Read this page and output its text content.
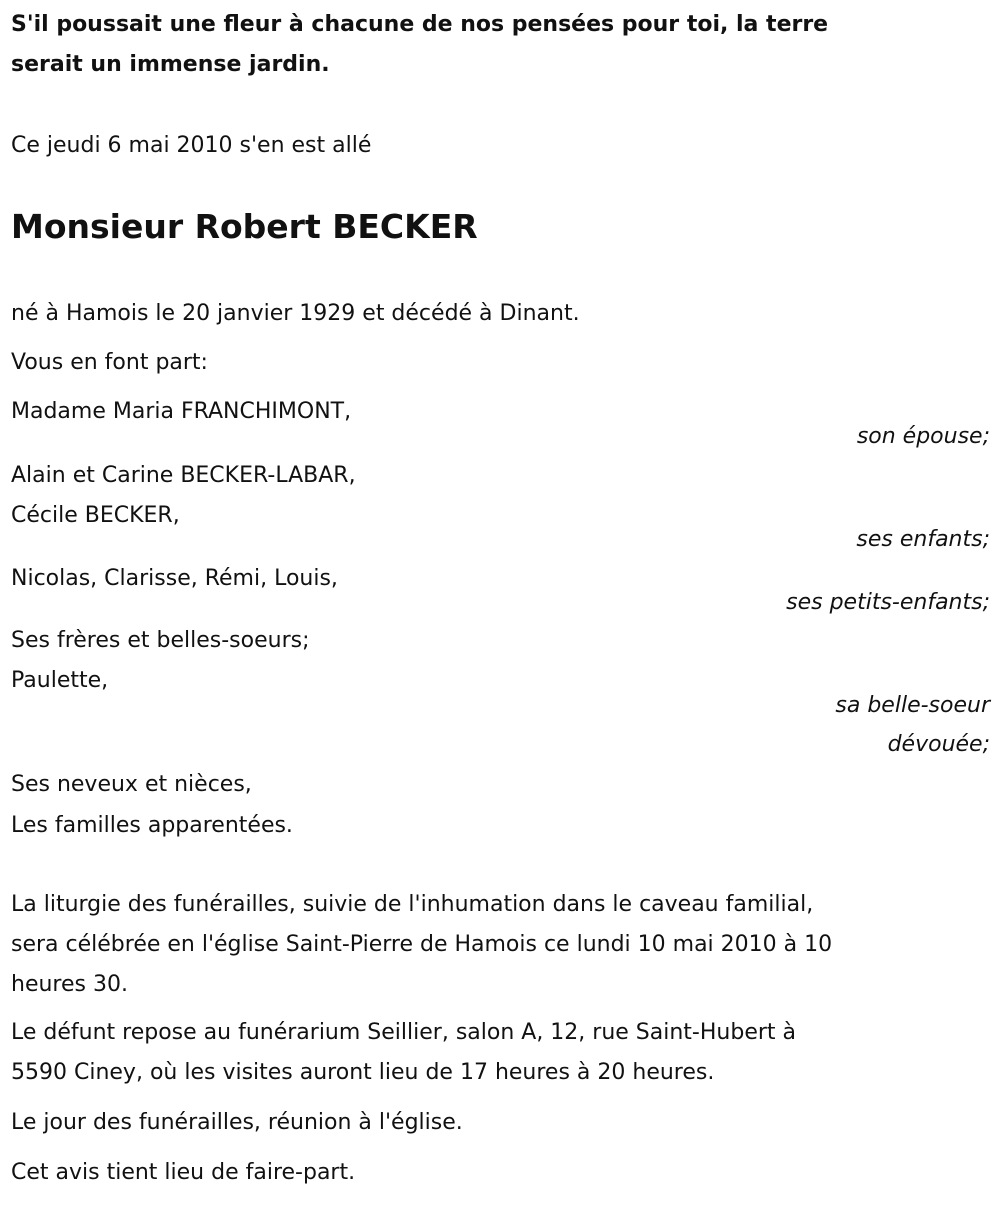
S'il poussait une fleur à chacune de nos pensées pour toi, la terre
serait un immense jardin.
Ce jeudi 6 mai 2010 s'en est allé
Monsieur Robert BECKER
né à Hamois le 20 janvier 1929 et décédé à Dinant.
Vous en font part:
Madame Maria FRANCHIMONT,
son épouse;
Alain et Carine BECKER-LABAR,
Cécile BECKER,
ses enfants;
Nicolas, Clarisse, Rémi, Louis,
ses petits-enfants;
Ses frères et belles-soeurs;
Paulette,
sa belle-soeur
dévouée;
Ses neveux et nièces,
Les familles apparentées.
La liturgie des funérailles, suivie de l'inhumation dans le caveau familial,
sera célébrée en l'église Saint-Pierre de Hamois ce lundi 10 mai 2010 à 10
heures 30.
Le défunt repose au funérarium Seillier, salon A, 12, rue Saint-Hubert à
5590 Ciney, où les visites auront lieu de 17 heures à 20 heures.
Le jour des funérailles, réunion à l'église.
Cet avis tient lieu de faire-part.
